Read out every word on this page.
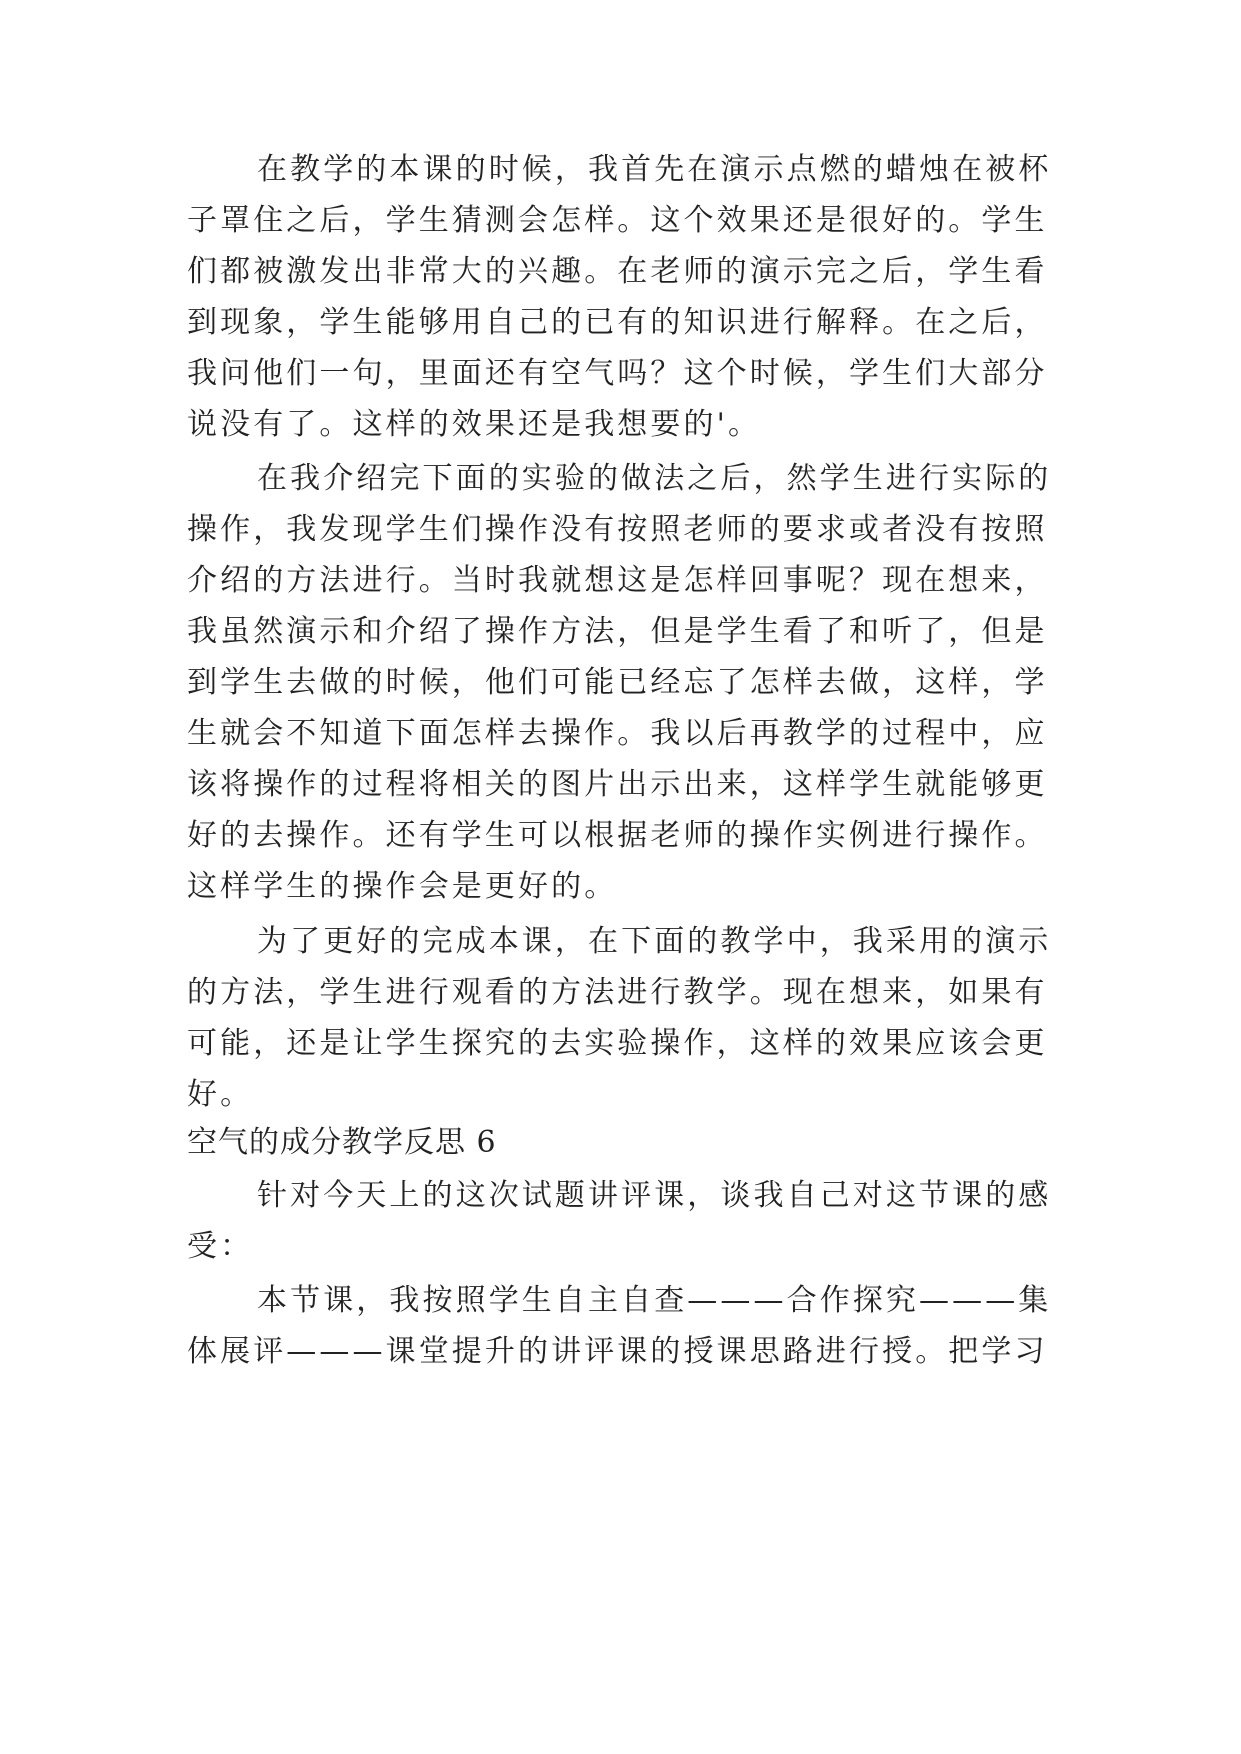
在教学的本课的时候，我首先在演示点燃的蜡烛在被杯
子罩住之后，学生猜测会怎样。这个效果还是很好的。学生
们都被激发出非常大的兴趣。在老师的演示完之后，学生看
到现象，学生能够用自己的已有的知识进行解释。在之后，
我问他们一句，里面还有空气吗？这个时候，学生们大部分
说没有了。这样的效果还是我想要的'。
在我介绍完下面的实验的做法之后，然学生进行实际的
操作，我发现学生们操作没有按照老师的要求或者没有按照
介绍的方法进行。当时我就想这是怎样回事呢？现在想来，
我虽然演示和介绍了操作方法，但是学生看了和听了，但是
到学生去做的时候，他们可能已经忘了怎样去做，这样，学
生就会不知道下面怎样去操作。我以后再教学的过程中，应
该将操作的过程将相关的图片出示出来，这样学生就能够更
好的去操作。还有学生可以根据老师的操作实例进行操作。
这样学生的操作会是更好的。
为了更好的完成本课，在下面的教学中，我采用的演示
的方法，学生进行观看的方法进行教学。现在想来，如果有
可能，还是让学生探究的去实验操作，这样的效果应该会更
好。
空气的成分教学反思 6
针对今天上的这次试题讲评课，谈我自己对这节课的感
受：
本节课，我按照学生自主自查———合作探究———集
体展评———课堂提升的讲评课的授课思路进行授。把学习
